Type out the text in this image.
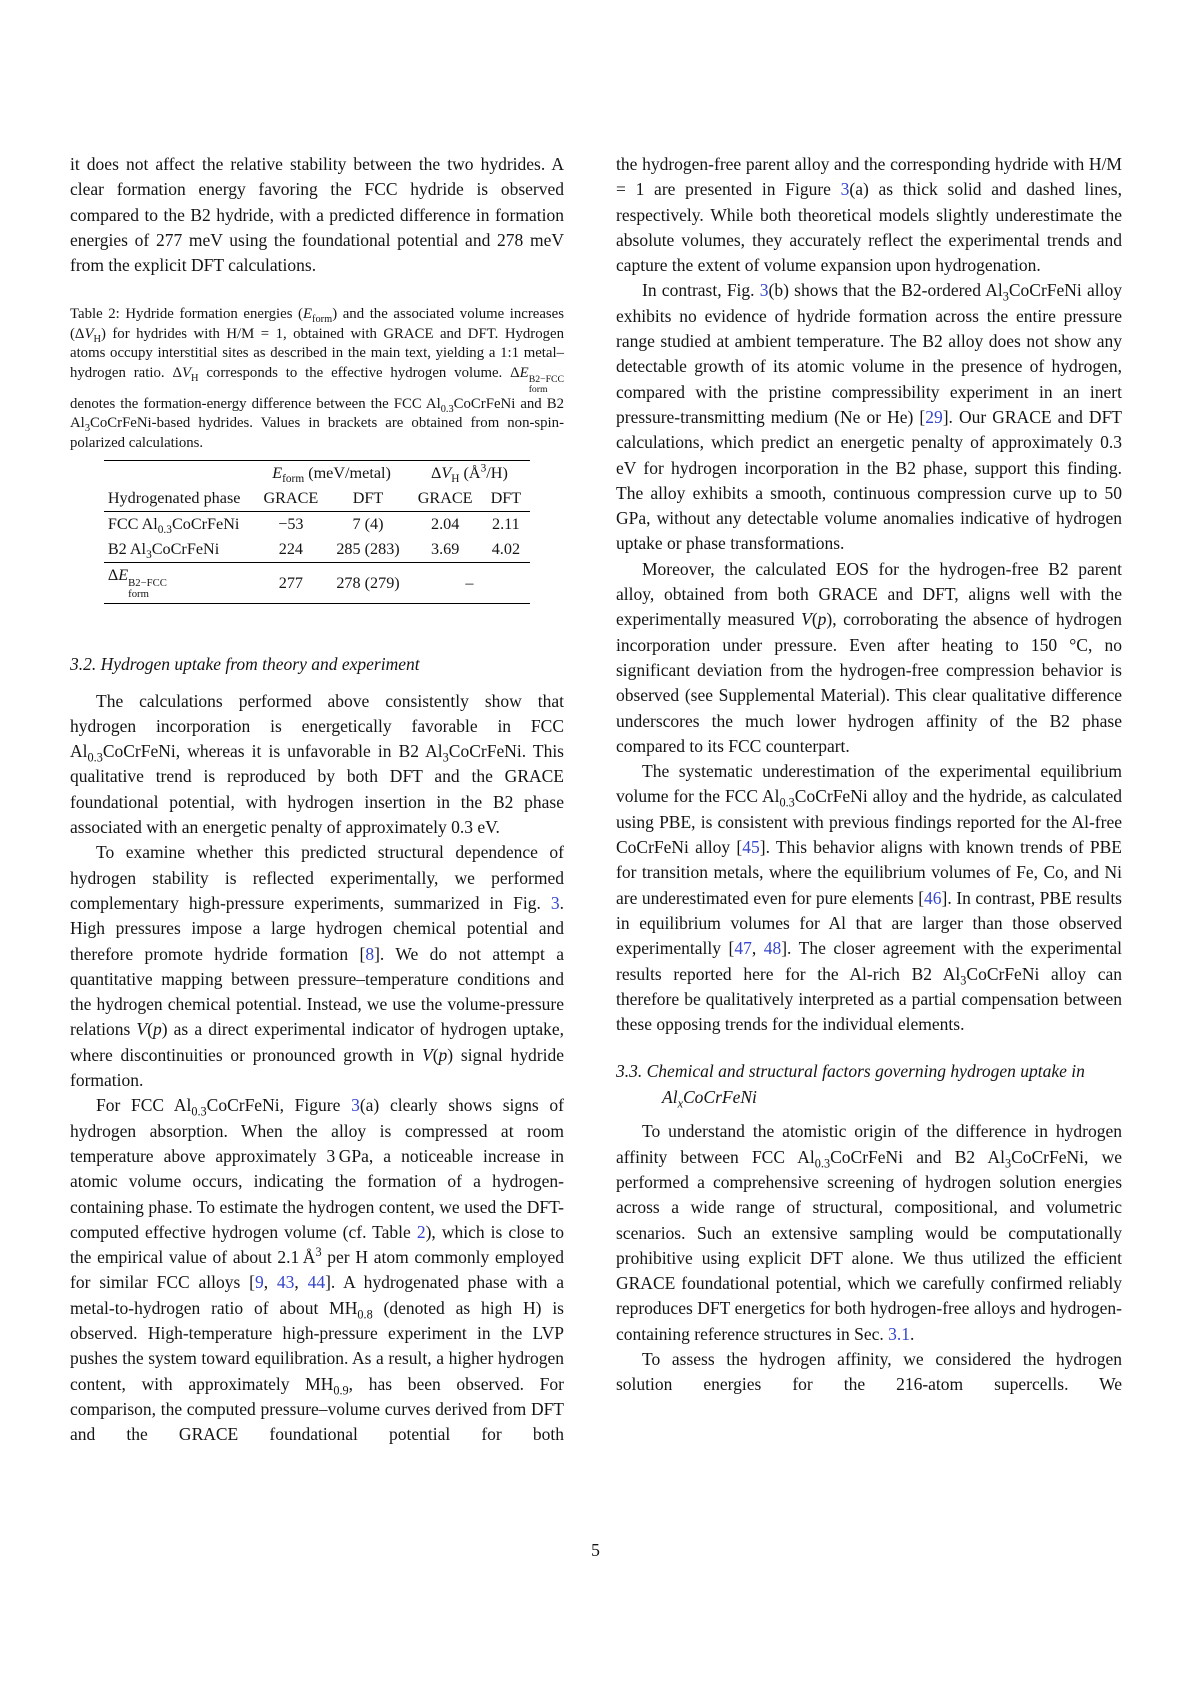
it does not affect the relative stability between the two hydrides. A clear formation energy favoring the FCC hydride is observed compared to the B2 hydride, with a predicted difference in formation energies of 277 meV using the foundational potential and 278 meV from the explicit DFT calculations.

Table 2: Hydride formation energies $(E_{form})$ and the associated volume increases $(\Delta V_H)$ for hydrides with H/M = 1, obtained with GRACE and DFT. Hydrogen atoms occupy interstitial sites as described in the main text, yielding a 1:1 metal–hydrogen ratio. $\Delta V_H$ corresponds to the effective hydrogen volume. ΔE B2−FCC
form
denotes the formation-energy difference between the FCC $Al_{0.3}CoCrFeNi$ and B2 $Al_3CoCrFeNi$-based hydrides. Values in brackets are obtained from non-spin-polarized calculations.
	$E_{form}$ (meV/metal)		$\Delta V_H$ $(Å^3/H)$	
Hydrogenated phase	GRACE	DFT	GRACE	DFT
FCC $Al_{0.3}CoCrFeNi$	−53	7 (4)	2.04	2.11
B2 $Al_3CoCrFeNi$	224	285 (283)	3.69	4.02
ΔE B2−FCC
form	277	278 (279)	–	
3.2. Hydrogen uptake from theory and experiment

The calculations performed above consistently show that hydrogen incorporation is energetically favorable in FCC $Al_{0.3}CoCrFeNi$, whereas it is unfavorable in B2 $Al_3CoCrFeNi$. This qualitative trend is reproduced by both DFT and the GRACE foundational potential, with hydrogen insertion in the B2 phase associated with an energetic penalty of approximately 0.3 eV.

To examine whether this predicted structural dependence of hydrogen stability is reflected experimentally, we performed complementary high-pressure experiments, summarized in Fig. 3. High pressures impose a large hydrogen chemical potential and therefore promote hydride formation [8]. We do not attempt a quantitative mapping between pressure–temperature conditions and the hydrogen chemical potential. Instead, we use the volume-pressure relations V(p) as a direct experimental indicator of hydrogen uptake, where discontinuities or pronounced growth in V(p) signal hydride formation.

For FCC $Al_{0.3}CoCrFeNi$, Figure 3(a) clearly shows signs of hydrogen absorption. When the alloy is compressed at room temperature above approximately 3 GPa, a noticeable increase in atomic volume occurs, indicating the formation of a hydrogen-containing phase. To estimate the hydrogen content, we used the DFT-computed effective hydrogen volume (cf. Table 2), which is close to the empirical value of about 2.1 $Å^3$ per H atom commonly employed for similar FCC alloys [9, 43, 44]. A hydrogenated phase with a metal-to-hydrogen ratio of about $MH_{0.8}$ (denoted as high H) is observed. High-temperature high-pressure experiment in the LVP pushes the system toward equilibration. As a result, a higher hydrogen content, with approximately $MH_{0.9}$, has been observed. For comparison, the computed pressure–volume curves derived from DFT and the GRACE foundational potential for both

the hydrogen-free parent alloy and the corresponding hydride with H/M = 1 are presented in Figure 3(a) as thick solid and dashed lines, respectively. While both theoretical models slightly underestimate the absolute volumes, they accurately reflect the experimental trends and capture the extent of volume expansion upon hydrogenation.

In contrast, Fig. 3(b) shows that the B2-ordered $Al_3CoCrFeNi$ alloy exhibits no evidence of hydride formation across the entire pressure range studied at ambient temperature. The B2 alloy does not show any detectable growth of its atomic volume in the presence of hydrogen, compared with the pristine compressibility experiment in an inert pressure-transmitting medium (Ne or He) [29]. Our GRACE and DFT calculations, which predict an energetic penalty of approximately 0.3 eV for hydrogen incorporation in the B2 phase, support this finding. The alloy exhibits a smooth, continuous compression curve up to 50 GPa, without any detectable volume anomalies indicative of hydrogen uptake or phase transformations.

Moreover, the calculated EOS for the hydrogen-free B2 parent alloy, obtained from both GRACE and DFT, aligns well with the experimentally measured V(p), corroborating the absence of hydrogen incorporation under pressure. Even after heating to 150 °C, no significant deviation from the hydrogen-free compression behavior is observed (see Supplemental Material). This clear qualitative difference underscores the much lower hydrogen affinity of the B2 phase compared to its FCC counterpart.

The systematic underestimation of the experimental equilibrium volume for the FCC $Al_{0.3}CoCrFeNi$ alloy and the hydride, as calculated using PBE, is consistent with previous findings reported for the Al-free CoCrFeNi alloy [45]. This behavior aligns with known trends of PBE for transition metals, where the equilibrium volumes of Fe, Co, and Ni are underestimated even for pure elements [46]. In contrast, PBE results in equilibrium volumes for Al that are larger than those observed experimentally [47, 48]. The closer agreement with the experimental results reported here for the Al-rich B2 $Al_3CoCrFeNi$ alloy can therefore be qualitatively interpreted as a partial compensation between these opposing trends for the individual elements.

3.3. Chemical and structural factors governing hydrogen uptake in $Al_xCoCrFeNi$

To understand the atomistic origin of the difference in hydrogen affinity between FCC $Al_{0.3}CoCrFeNi$ and B2 $Al_3CoCrFeNi$, we performed a comprehensive screening of hydrogen solution energies across a wide range of structural, compositional, and volumetric scenarios. Such an extensive sampling would be computationally prohibitive using explicit DFT alone. We thus utilized the efficient GRACE foundational potential, which we carefully confirmed reliably reproduces DFT energetics for both hydrogen-free alloys and hydrogen-containing reference structures in Sec. 3.1.

To assess the hydrogen affinity, we considered the hydrogen solution energies for the 216-atom supercells. We

5
